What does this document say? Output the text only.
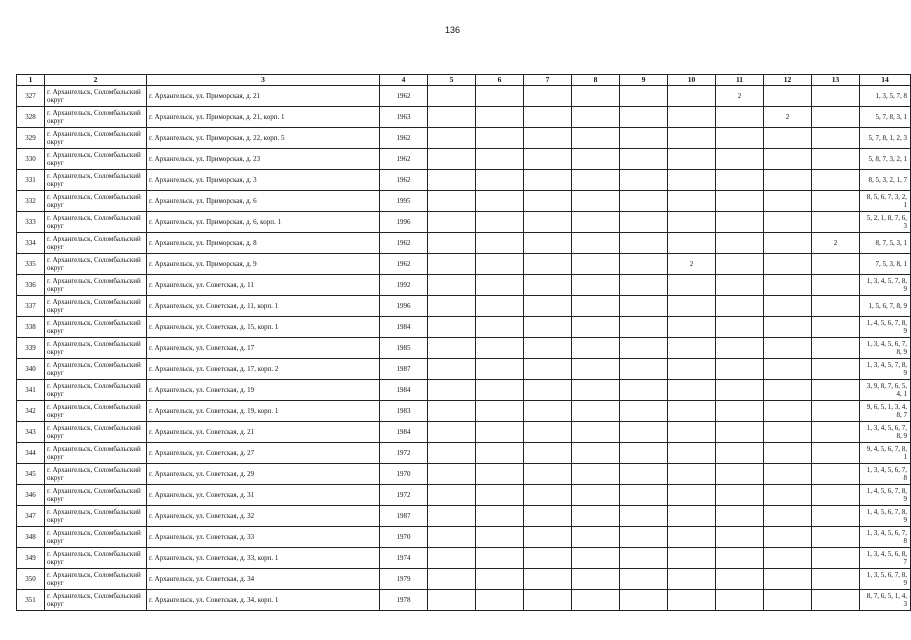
136
1	2	3	4	5	6	7	8	9	10	11	12	13	14
327	г. Архангельск, Соломбальский округ	г. Архангельск, ул. Приморская, д. 21	1962							2			1, 3, 5, 7, 8
328	г. Архангельск, Соломбальский округ	г. Архангельск, ул. Приморская, д. 21, корп. 1	1963								2		5, 7, 8, 3, 1
329	г. Архангельск, Соломбальский округ	г. Архангельск, ул. Приморская, д. 22, корп. 5	1962										5, 7, 8, 1, 2, 3
330	г. Архангельск, Соломбальский округ	г. Архангельск, ул. Приморская, д. 23	1962										5, 8, 7, 3, 2, 1
331	г. Архангельск, Соломбальский округ	г. Архангельск, ул. Приморская, д. 3	1962										8, 5, 3, 2, 1, 7
332	г. Архангельск, Соломбальский округ	г. Архангельск, ул. Приморская, д. 6	1995										8, 5, 6, 7, 3, 2, 1
333	г. Архангельск, Соломбальский округ	г. Архангельск, ул. Приморская, д. 6, корп. 1	1996										5, 2, 1, 8, 7, 6, 3
334	г. Архангельск, Соломбальский округ	г. Архангельск, ул. Приморская, д. 8	1962									2	8, 7, 5, 3, 1
335	г. Архангельск, Соломбальский округ	г. Архангельск, ул. Приморская, д. 9	1962						2				7, 5, 3, 8, 1
336	г. Архангельск, Соломбальский округ	г. Архангельск, ул. Советская, д. 11	1992										1, 3, 4, 5, 7, 8, 9
337	г. Архангельск, Соломбальский округ	г. Архангельск, ул. Советская, д. 11, корп. 1	1996										1, 5, 6, 7, 8, 9
338	г. Архангельск, Соломбальский округ	г. Архангельск, ул. Советская, д. 15, корп. 1	1984										1, 4, 5, 6, 7, 8, 9
339	г. Архангельск, Соломбальский округ	г. Архангельск, ул. Советская, д. 17	1985										1, 3, 4, 5, 6, 7, 8, 9
340	г. Архангельск, Соломбальский округ	г. Архангельск, ул. Советская, д. 17, корп. 2	1987										1, 3, 4, 5, 7, 8, 9
341	г. Архангельск, Соломбальский округ	г. Архангельск, ул. Советская, д. 19	1984										3, 9, 8, 7, 6, 5, 4, 1
342	г. Архангельск, Соломбальский округ	г. Архангельск, ул. Советская, д. 19, корп. 1	1983										9, 6, 5, 1, 3, 4, 8, 7
343	г. Архангельск, Соломбальский округ	г. Архангельск, ул. Советская, д. 21	1984										1, 3, 4, 5, 6, 7, 8, 9
344	г. Архангельск, Соломбальский округ	г. Архангельск, ул. Советская, д. 27	1972										9, 4, 5, 6, 7, 8, 1
345	г. Архангельск, Соломбальский округ	г. Архангельск, ул. Советская, д. 29	1970										1, 3, 4, 5, 6, 7, 8
346	г. Архангельск, Соломбальский округ	г. Архангельск, ул. Советская, д. 31	1972										1, 4, 5, 6, 7, 8, 9
347	г. Архангельск, Соломбальский округ	г. Архангельск, ул. Советская, д. 32	1987										1, 4, 5, 6, 7, 8, 9
348	г. Архангельск, Соломбальский округ	г. Архангельск, ул. Советская, д. 33	1970										1, 3, 4, 5, 6, 7, 8
349	г. Архангельск, Соломбальский округ	г. Архангельск, ул. Советская, д. 33, корп. 1	1974										1, 3, 4, 5, 6, 8, 7
350	г. Архангельск, Соломбальский округ	г. Архангельск, ул. Советская, д. 34	1979										1, 3, 5, 6, 7, 8, 9
351	г. Архангельск, Соломбальский округ	г. Архангельск, ул. Советская, д. 34, корп. 1	1978										8, 7, 6, 5, 1, 4, 3
